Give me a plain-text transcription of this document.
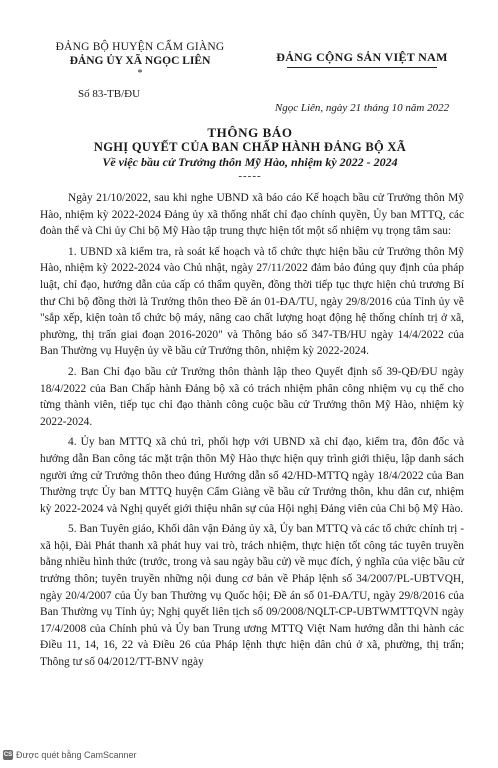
ĐẢNG BỘ HUYỆN CẨM GIÀNG
ĐẢNG ỦY XÃ NGỌC LIÊN
*
Số 83-TB/ĐU
ĐẢNG CỘNG SẢN VIỆT NAM
Ngọc Liên, ngày 21 tháng 10 năm 2022
THÔNG BÁO
NGHỊ QUYẾT CỦA BAN CHẤP HÀNH ĐẢNG BỘ XÃ
Về việc bầu cử Trưởng thôn Mỹ Hào, nhiệm kỳ 2022 - 2024
-----

Ngày 21/10/2022, sau khi nghe UBND xã báo cáo Kế hoạch bầu cử Trưởng thôn Mỹ Hào, nhiệm kỳ 2022-2024 Đảng ủy xã thống nhất chỉ đạo chính quyền, Ủy ban MTTQ, các đoàn thể và Chi ủy Chi bộ Mỹ Hào tập trung thực hiện tốt một số nhiệm vụ trọng tâm sau:

1. UBND xã kiểm tra, rà soát kế hoạch và tổ chức thực hiện bầu cử Trưởng thôn Mỹ Hào, nhiệm kỳ 2022-2024 vào Chủ nhật, ngày 27/11/2022 đảm bảo đúng quy định của pháp luật, chỉ đạo, hướng dẫn của cấp có thẩm quyền, đồng thời tiếp tục thực hiện chủ trương Bí thư Chi bộ đồng thời là Trưởng thôn theo Đề án 01-ĐA/TU, ngày 29/8/2016 của Tỉnh ủy về "sắp xếp, kiện toàn tổ chức bộ máy, nâng cao chất lượng hoạt động hệ thống chính trị ở xã, phường, thị trấn giai đoạn 2016-2020" và Thông báo số 347-TB/HU ngày 14/4/2022 của Ban Thường vụ Huyện ủy về bầu cử Trưởng thôn, nhiệm kỳ 2022-2024.

2. Ban Chỉ đạo bầu cử Trưởng thôn thành lập theo Quyết định số 39-QĐ/ĐU ngày 18/4/2022 của Ban Chấp hành Đảng bộ xã có trách nhiệm phân công nhiệm vụ cụ thể cho từng thành viên, tiếp tục chỉ đạo thành công cuộc bầu cử Trưởng thôn Mỹ Hào, nhiệm kỳ 2022-2024.

4. Ủy ban MTTQ xã chủ trì, phối hợp với UBND xã chỉ đạo, kiểm tra, đôn đốc và hướng dẫn Ban công tác mặt trận thôn Mỹ Hào thực hiện quy trình giới thiệu, lập danh sách người ứng cử Trưởng thôn theo đúng Hướng dẫn số 42/HD-MTTQ ngày 18/4/2022 của Ban Thường trực Ủy ban MTTQ huyện Cẩm Giàng về bầu cử Trưởng thôn, khu dân cư, nhiệm kỳ 2022-2024 và Nghị quyết giới thiệu nhân sự của Hội nghị Đảng viên của Chi bộ Mỹ Hào.

5. Ban Tuyên giáo, Khối dân vận Đảng ủy xã, Ủy ban MTTQ và các tổ chức chính trị - xã hội, Đài Phát thanh xã phát huy vai trò, trách nhiệm, thực hiện tốt công tác tuyên truyền bằng nhiều hình thức (trước, trong và sau ngày bầu cử) về mục đích, ý nghĩa của việc bầu cử trưởng thôn; tuyên truyền những nội dung cơ bản về Pháp lệnh số 34/2007/PL-UBTVQH, ngày 20/4/2007 của Ủy ban Thường vụ Quốc hội; Đề án số 01-ĐA/TU, ngày 29/8/2016 của Ban Thường vụ Tỉnh ủy; Nghị quyết liên tịch số 09/2008/NQLT-CP-UBTWMTTQVN ngày 17/4/2008 của Chính phủ và Ủy ban Trung ương MTTQ Việt Nam hướng dẫn thi hành các Điều 11, 14, 16, 22 và Điều 26 của Pháp lệnh thực hiện dân chủ ở xã, phường, thị trấn; Thông tư số 04/2012/TT-BNV ngày

CS Được quét bằng CamScanner
